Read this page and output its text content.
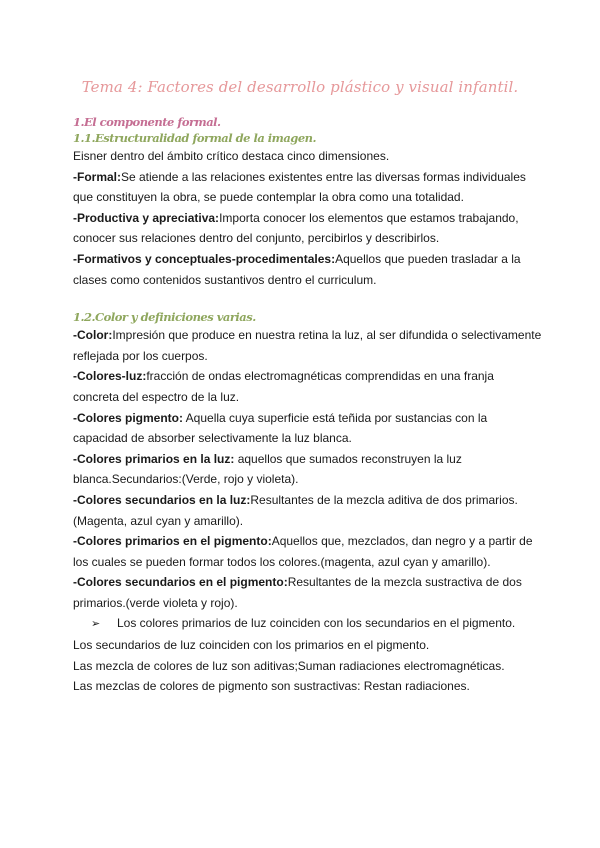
Tema 4: Factores del desarrollo plástico y visual infantil.
1.El componente formal.
1.1.Estructuralidad formal de la imagen.

Eisner dentro del ámbito crítico destaca cinco dimensiones.

-Formal:Se atiende a las relaciones existentes entre las diversas formas individuales que constituyen la obra, se puede contemplar la obra como una totalidad.

-Productiva y apreciativa:Importa conocer los elementos que estamos trabajando, conocer sus relaciones dentro del conjunto, percibirlos y describirlos.

-Formativos y conceptuales-procedimentales:Aquellos que pueden trasladar a la clases como contenidos sustantivos dentro el curriculum.

1.2.Color y definiciones varias.

-Color:Impresión que produce en nuestra retina la luz, al ser difundida o selectivamente reflejada por los cuerpos.

-Colores-luz:fracción de ondas electromagnéticas comprendidas en una franja concreta del espectro de la luz.

-Colores pigmento: Aquella cuya superficie está teñida por sustancias con la capacidad de absorber selectivamente la luz blanca.

-Colores primarios en la luz: aquellos que sumados reconstruyen la luz blanca.Secundarios:(Verde, rojo y violeta).

-Colores secundarios en la luz:Resultantes de la mezcla aditiva de dos primarios.(Magenta, azul cyan y amarillo).

-Colores primarios en el pigmento:Aquellos que, mezclados, dan negro y a partir de los cuales se pueden formar todos los colores.(magenta, azul cyan y amarillo).

-Colores secundarios en el pigmento:Resultantes de la mezcla sustractiva de dos primarios.(verde violeta y rojo).

➢ Los colores primarios de luz coinciden con los secundarios en el pigmento.

Los secundarios de luz coinciden con los primarios en el pigmento.

Las mezcla de colores de luz son aditivas;Suman radiaciones electromagnéticas.

Las mezclas de colores de pigmento son sustractivas: Restan radiaciones.
